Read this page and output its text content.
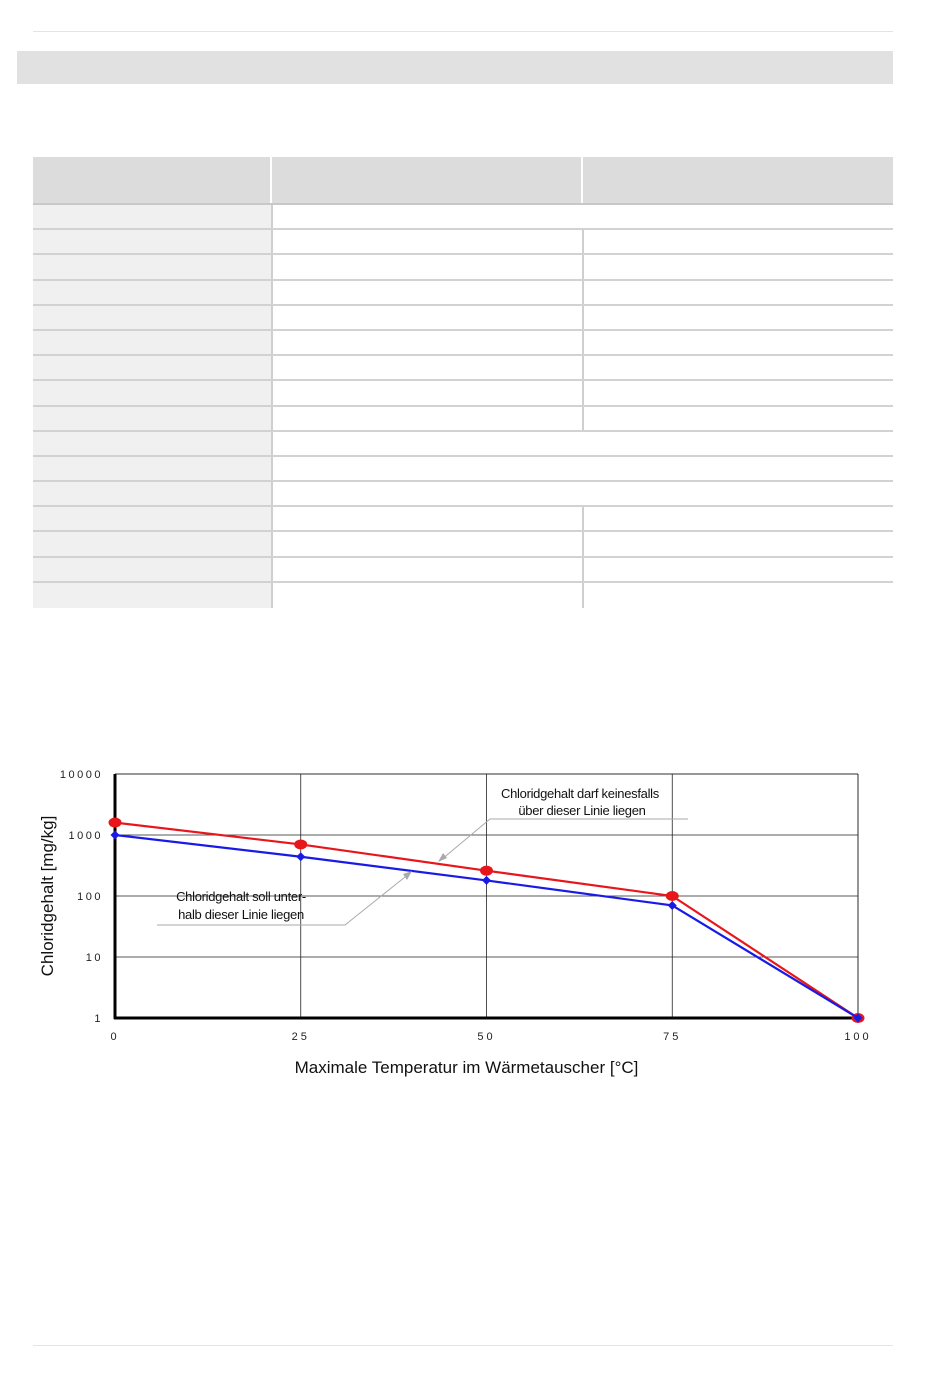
0	25	50	75	100
1
10
100
1000
10000
Maximale Temperatur im Wärmetauscher [°C]
Chloridgehalt [mg/kg]
Chloridgehalt darf keinesfalls
über dieser Linie liegen
Chloridgehalt soll unter-
halb dieser Linie liegen
